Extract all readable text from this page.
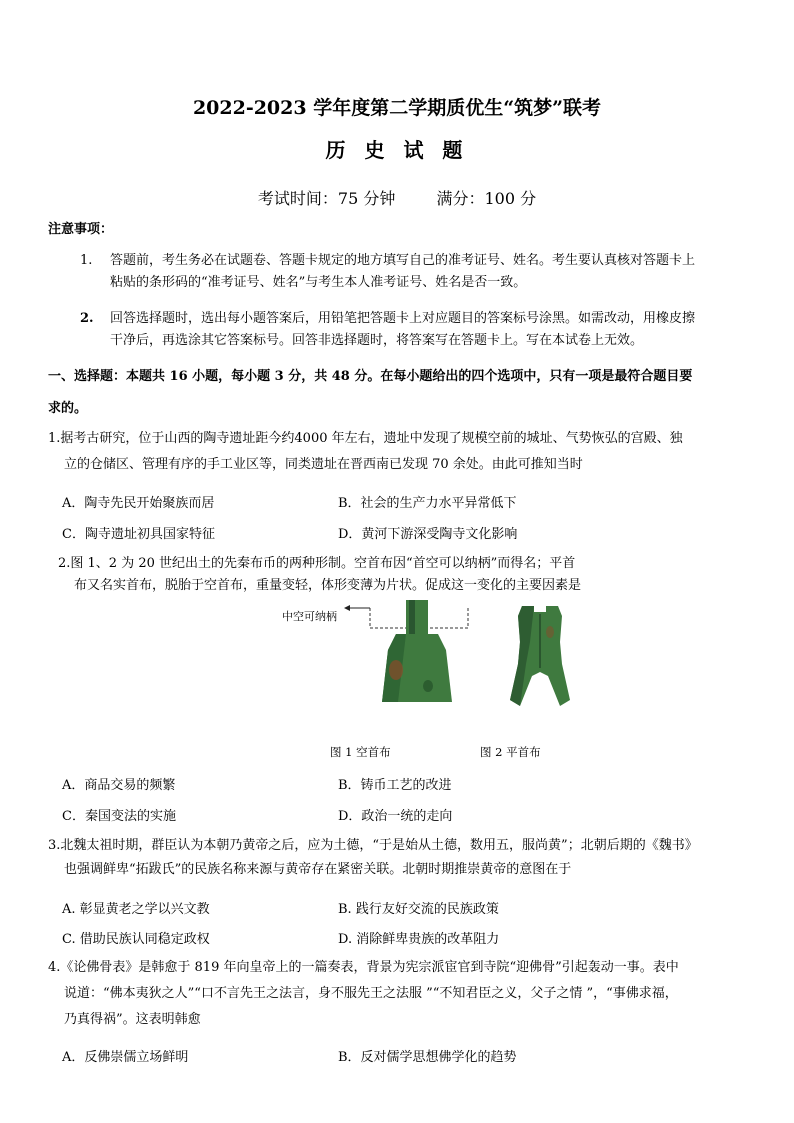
2022-2023 学年度第二学期质优生“筑梦”联考
历 史 试 题
考试时间：75 分钟	满分：100 分
注意事项：
1. 答题前，考生务必在试题卷、答题卡规定的地方填写自己的准考证号、姓名。考生要认真核对答题卡上
粘贴的条形码的“准考证号、姓名”与考生本人准考证号、姓名是否一致。
2. 回答选择题时，选出每小题答案后，用铅笔把答题卡上对应题目的答案标号涂黑。如需改动，用橡皮擦
干净后，再选涂其它答案标号。回答非选择题时，将答案写在答题卡上。写在本试卷上无效。
一、选择题：本题共 16 小题，每小题 3 分，共 48 分。在每小题给出的四个选项中，只有一项是最符合题目要
求的。
1.据考古研究，位于山西的陶寺遗址距今约4000 年左右，遗址中发现了规模空前的城址、气势恢弘的宫殿、独
立的仓储区、管理有序的手工业区等，同类遗址在晋西南已发现 70 余处。由此可推知当时
A．陶寺先民开始聚族而居	B．社会的生产力水平异常低下
C．陶寺遗址初具国家特征	D．黄河下游深受陶寺文化影响
2.图 1、2 为 20 世纪出土的先秦布币的两种形制。空首布因“首空可以纳柄”而得名；平首
布又名实首布，脱胎于空首布，重量变轻，体形变薄为片状。促成这一变化的主要因素是
中空可纳柄
图 1 空首布	图 2 平首布
A．商品交易的频繁	B．铸币工艺的改进
C．秦国变法的实施	D．政治一统的走向
3.北魏太祖时期，群臣认为本朝乃黄帝之后，应为土德，“于是始从土德，数用五，服尚黄”；北朝后期的《魏书》
也强调鲜卑“拓跋氏”的民族名称来源与黄帝存在紧密关联。北朝时期推崇黄帝的意图在于
A. 彰显黄老之学以兴文教	B. 践行友好交流的民族政策
C. 借助民族认同稳定政权	D. 消除鲜卑贵族的改革阻力
4.《论佛骨表》是韩愈于 819 年向皇帝上的一篇奏表，背景为宪宗派宦官到寺院“迎佛骨”引起轰动一事。表中
说道：“佛本夷狄之人”“口不言先王之法言，身不服先王之法服 ”“不知君臣之义，父子之情 ”，“事佛求福，
乃真得祸”。这表明韩愈
A．反佛崇儒立场鲜明	B．反对儒学思想佛学化的趋势
